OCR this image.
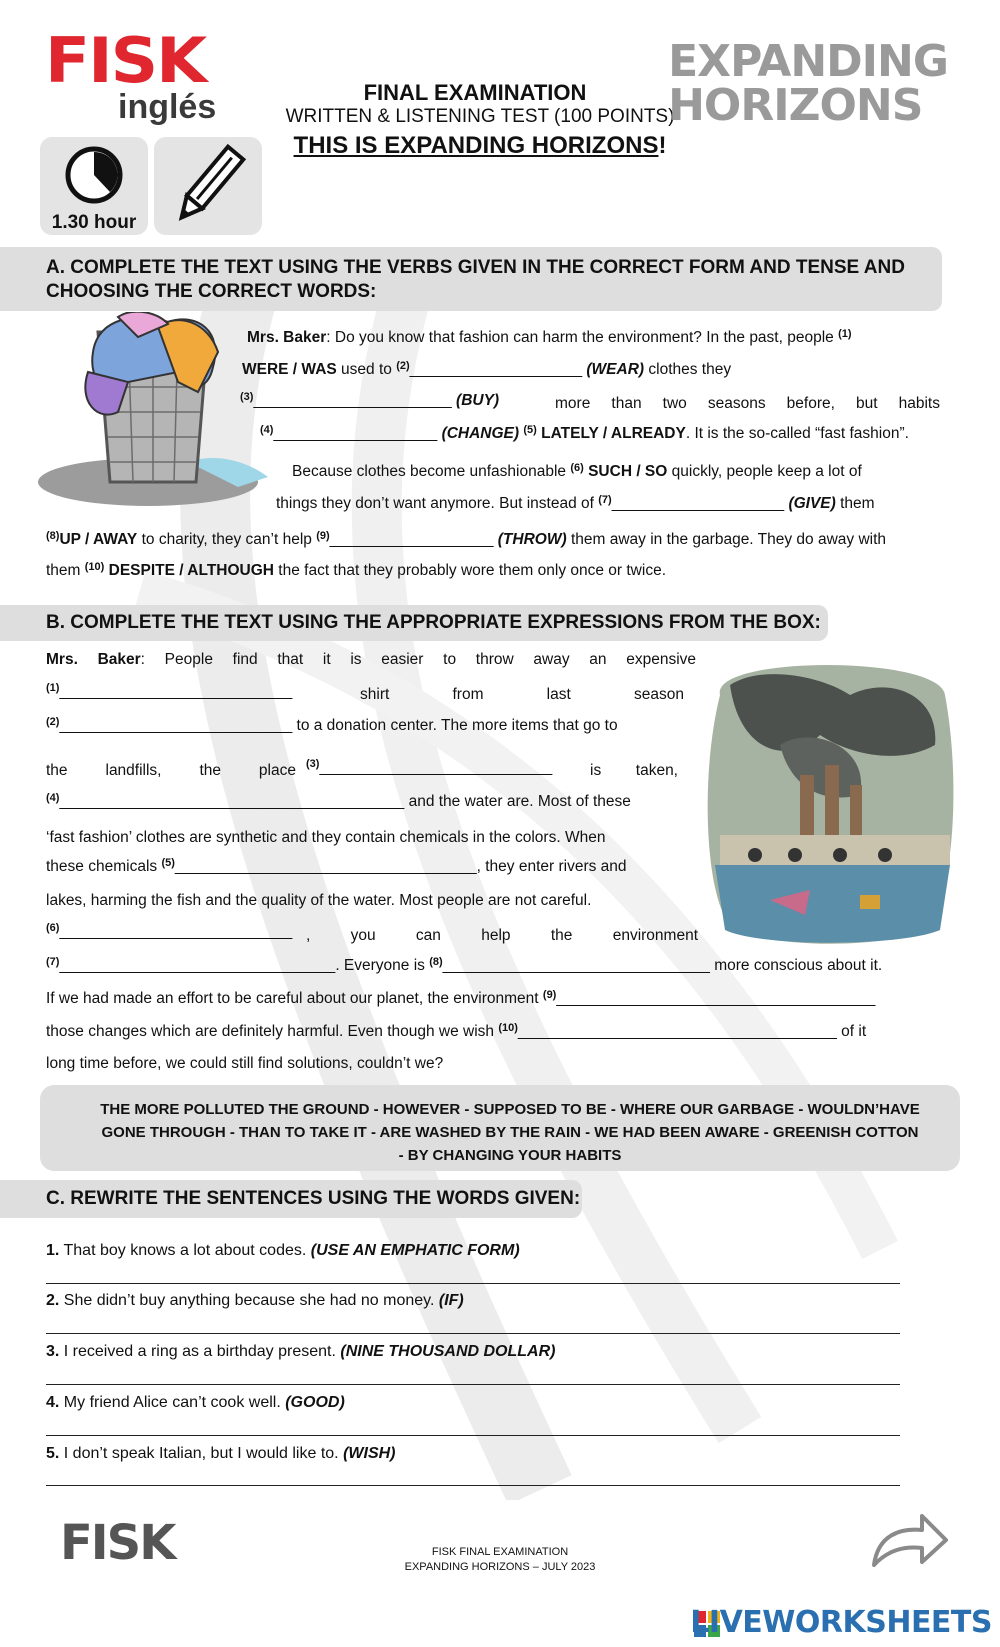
FISK
inglés	FINAL EXAMINATION
WRITTEN & LISTENING TEST (100 POINTS)
THIS IS EXPANDING HORIZONS!
EXPANDING
HORIZONS
1.30 hour
A. COMPLETE THE TEXT USING THE VERBS GIVEN IN THE CORRECT FORM AND TENSE AND
CHOOSING THE CORRECT WORDS:
Mrs. Baker: Do you know that fashion can harm the environment? In the past, people $^{(1)}$
WERE / WAS used to $^{(2)}$____________________ (WEAR) clothes they
$^{(3)}$_______________________ (BUY)	more than two seasons before, but habits
$^{(4)}$___________________ (CHANGE) $^{(5)}$ LATELY / ALREADY. It is the so-called “fast fashion”.
Because clothes become unfashionable $^{(6)}$ SUCH / SO quickly, people keep a lot of
things they don’t want anymore. But instead of $^{(7)}$____________________ (GIVE) them
$^{(8)}$UP / AWAY to charity, they can’t help $^{(9)}$___________________ (THROW) them away in the garbage. They do away with
them $^{(10)}$ DESPITE / ALTHOUGH the fact that they probably wore them only once or twice.
B. COMPLETE THE TEXT USING THE APPROPRIATE EXPRESSIONS FROM THE BOX:
Mrs. Baker: People find that it is easier to throw away an expensive
$^{(1)}$___________________________	shirt from last season
$^{(2)}$___________________________ to a donation center. The more items that go to
the landfills, the place $^{(3)}$___________________________ is taken,
$^{(4)}$________________________________________ and the water are. Most of these
‘fast fashion’ clothes are synthetic and they contain chemicals in the colors. When
these chemicals $^{(5)}$___________________________________, they enter rivers and
lakes, harming the fish and the quality of the water. Most people are not careful.
$^{(6)}$___________________________ , you can help the environment
$^{(7)}$________________________________. Everyone is $^{(8)}$_______________________________ more conscious about it.
If we had made an effort to be careful about our planet, the environment $^{(9)}$_____________________________________
those changes which are definitely harmful. Even though we wish $^{(10)}$_____________________________________ of it
long time before, we could still find solutions, couldn’t we?
THE MORE POLLUTED THE GROUND - HOWEVER - SUPPOSED TO BE - WHERE OUR GARBAGE - WOULDN’HAVE
GONE THROUGH - THAN TO TAKE IT - ARE WASHED BY THE RAIN - WE HAD BEEN AWARE - GREENISH COTTON
- BY CHANGING YOUR HABITS
C. REWRITE THE SENTENCES USING THE WORDS GIVEN:
1. That boy knows a lot about codes. (USE AN EMPHATIC FORM)
2. She didn’t buy anything because she had no money. (IF)
3. I received a ring as a birthday present. (NINE THOUSAND DOLLAR)
4. My friend Alice can’t cook well. (GOOD)
5. I don’t speak Italian, but I would like to. (WISH)
FISK	FISK FINAL EXAMINATION
EXPANDING HORIZONS – JULY 2023
LIVEWORKSHEETS
